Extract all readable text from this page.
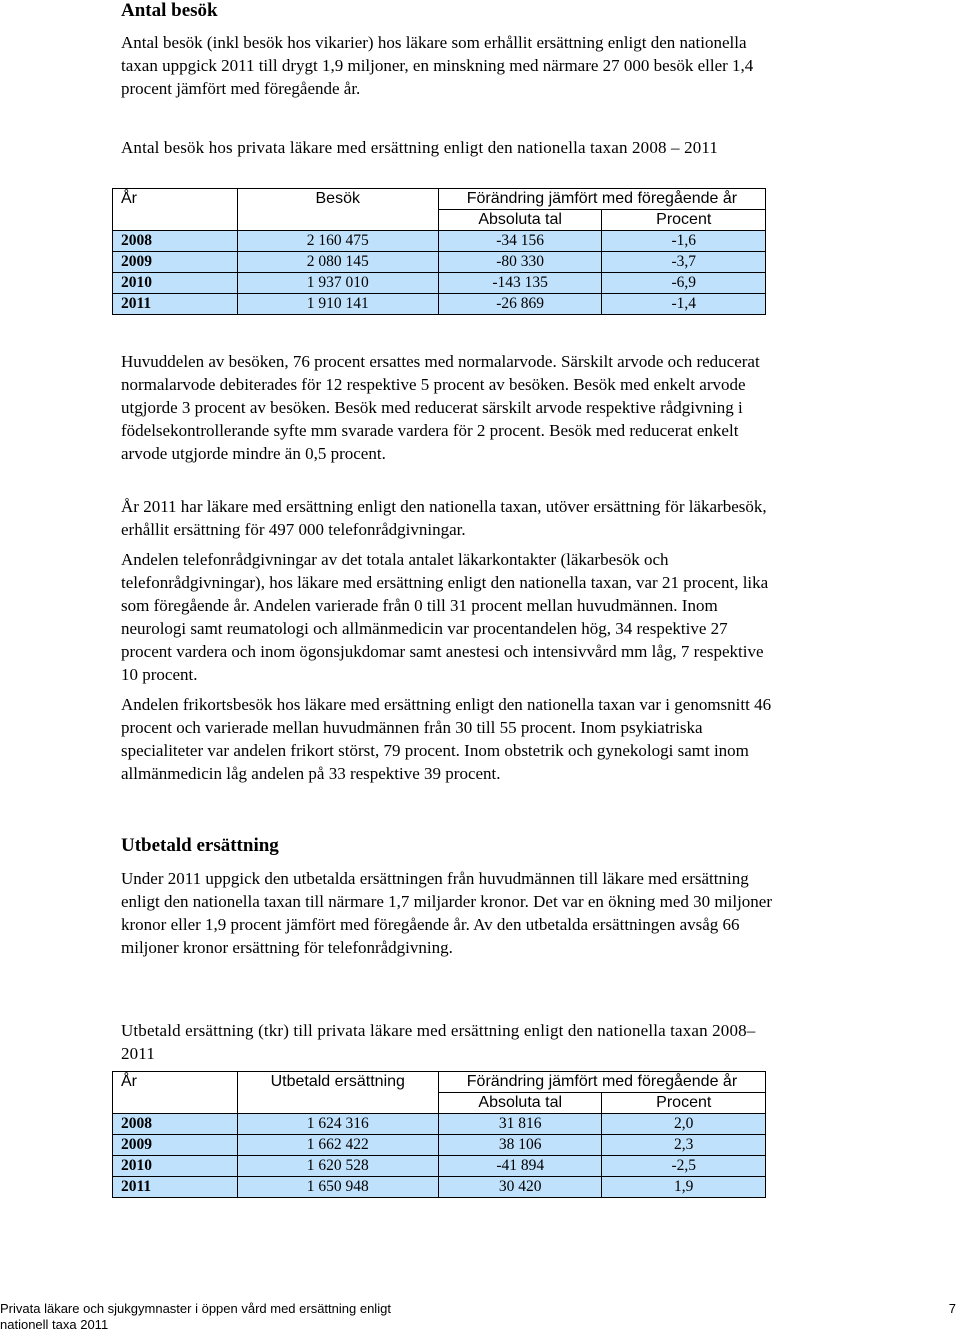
Antal besök

Antal besök (inkl besök hos vikarier) hos läkare som erhållit ersättning enligt den nationella taxan uppgick 2011 till drygt 1,9 miljoner, en minskning med närmare 27 000 besök eller 1,4 procent jämfört med föregående år.

Antal besök hos privata läkare med ersättning enligt den nationella taxan 2008 – 2011

År	Besök	Förändring jämfört med föregående år	
		Absoluta tal	Procent
2008	2 160 475	-34 156	-1,6
2009	2 080 145	-80 330	-3,7
2010	1 937 010	-143 135	-6,9
2011	1 910 141	-26 869	-1,4

Huvuddelen av besöken, 76 procent ersattes med normalarvode. Särskilt arvode och reducerat normalarvode debiterades för 12 respektive 5 procent av besöken. Besök med enkelt arvode utgjorde 3 procent av besöken. Besök med reducerat särskilt arvode respektive rådgivning i födelsekontrollerande syfte mm svarade vardera för 2 procent. Besök med reducerat enkelt arvode utgjorde mindre än 0,5 procent.

År 2011 har läkare med ersättning enligt den nationella taxan, utöver ersättning för läkarbesök, erhållit ersättning för 497 000 telefonrådgivningar.

Andelen telefonrådgivningar av det totala antalet läkarkontakter (läkarbesök och telefonrådgivningar), hos läkare med ersättning enligt den nationella taxan, var 21 procent, lika som föregående år. Andelen varierade från 0 till 31 procent mellan huvudmännen. Inom neurologi samt reumatologi och allmänmedicin var procentandelen hög, 34 respektive 27 procent vardera och inom ögonsjukdomar samt anestesi och intensivvård mm låg, 7 respektive 10 procent.

Andelen frikortsbesök hos läkare med ersättning enligt den nationella taxan var i genomsnitt 46 procent och varierade mellan huvudmännen från 30 till 55 procent. Inom psykiatriska specialiteter var andelen frikort störst, 79 procent. Inom obstetrik och gynekologi samt inom allmänmedicin låg andelen på 33 respektive 39 procent.

Utbetald ersättning

Under 2011 uppgick den utbetalda ersättningen från huvudmännen till läkare med ersättning enligt den nationella taxan till närmare 1,7 miljarder kronor. Det var en ökning med 30 miljoner kronor eller 1,9 procent jämfört med föregående år. Av den utbetalda ersättningen avsåg 66 miljoner kronor ersättning för telefonrådgivning.

Utbetald ersättning (tkr) till privata läkare med ersättning enligt den nationella taxan 2008– 2011

År	Utbetald ersättning	Förändring jämfört med föregående år	
		Absoluta tal	Procent
2008	1 624 316	31 816	2,0
2009	1 662 422	38 106	2,3
2010	1 620 528	-41 894	-2,5
2011	1 650 948	30 420	1,9
Privata läkare och sjukgymnaster i öppen vård med ersättning enligt
nationell taxa 2011
7
